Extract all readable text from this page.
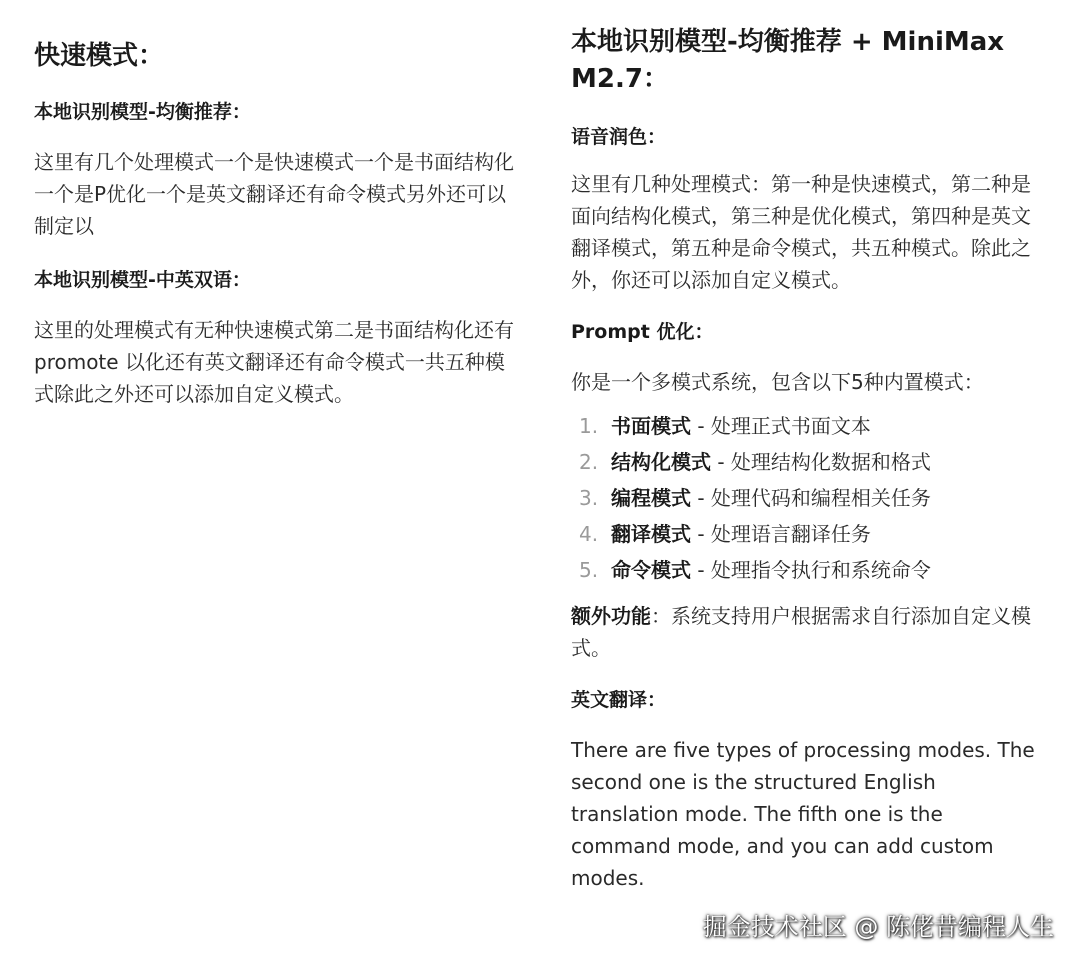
快速模式：
本地识别模型-均衡推荐：

这里有几个处理模式一个是快速模式一个是书面结构化一个是P优化一个是英文翻译还有命令模式另外还可以制定以

本地识别模型-中英双语：

这里的处理模式有无种快速模式第二是书面结构化还有 promote 以化还有英文翻译还有命令模式一共五种模式除此之外还可以添加自定义模式。

本地识别模型-均衡推荐 + MiniMax M2.7：
语音润色：

这里有几种处理模式：第一种是快速模式，第二种是面向结构化模式，第三种是优化模式，第四种是英文翻译模式，第五种是命令模式，共五种模式。除此之外，你还可以添加自定义模式。

Prompt 优化：

你是一个多模式系统，包含以下5种内置模式：

1. 书面模式 - 处理正式书面文本
2. 结构化模式 - 处理结构化数据和格式
3. 编程模式 - 处理代码和编程相关任务
4. 翻译模式 - 处理语言翻译任务
5. 命令模式 - 处理指令执行和系统命令

额外功能：系统支持用户根据需求自行添加自定义模式。

英文翻译：

There are five types of processing modes. The second one is the structured English translation mode. The fifth one is the command mode, and you can add custom modes.

掘金技术社区 @ 陈佬昔编程人生
